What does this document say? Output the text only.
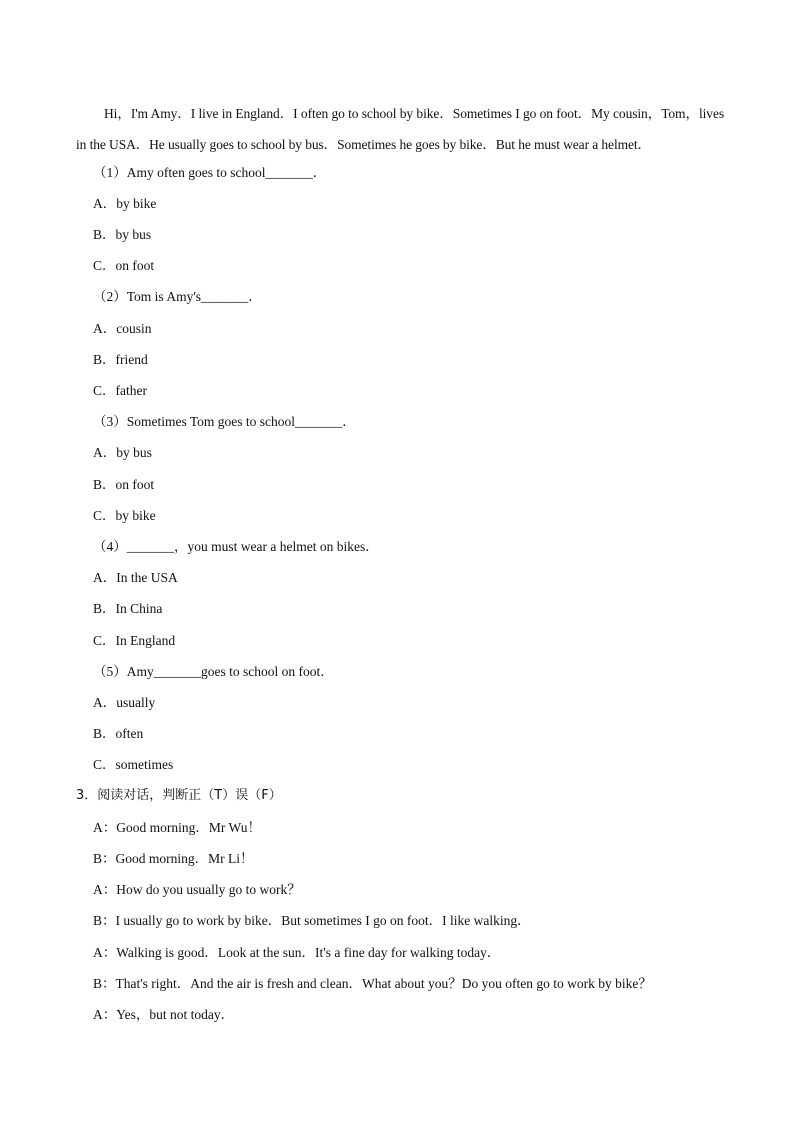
Hi，I'm Amy．I live in England．I often go to school by bike．Sometimes I go on foot．My cousin，Tom，lives in the USA．He usually goes to school by bus．Sometimes he goes by bike．But he must wear a helmet．
（1）Amy often goes to school_______．
A．by bike
B．by bus
C．on foot
（2）Tom is Amy's_______．
A．cousin
B．friend
C．father
（3）Sometimes Tom goes to school_______．
A．by bus
B．on foot
C．by bike
（4）_______，you must wear a helmet on bikes．
A．In the USA
B．In China
C．In England
（5）Amy_______goes to school on foot．
A．usually
B．often
C．sometimes
3．阅读对话，判断正（T）误（F）
A：Good morning．Mr Wu！
B：Good morning．Mr Li！
A：How do you usually go to work？
B：I usually go to work by bike．But sometimes I go on foot．I like walking．
A：Walking is good．Look at the sun．It's a fine day for walking today．
B：That's right．And the air is fresh and clean．What about you？Do you often go to work by bike？
A：Yes，but not today．
